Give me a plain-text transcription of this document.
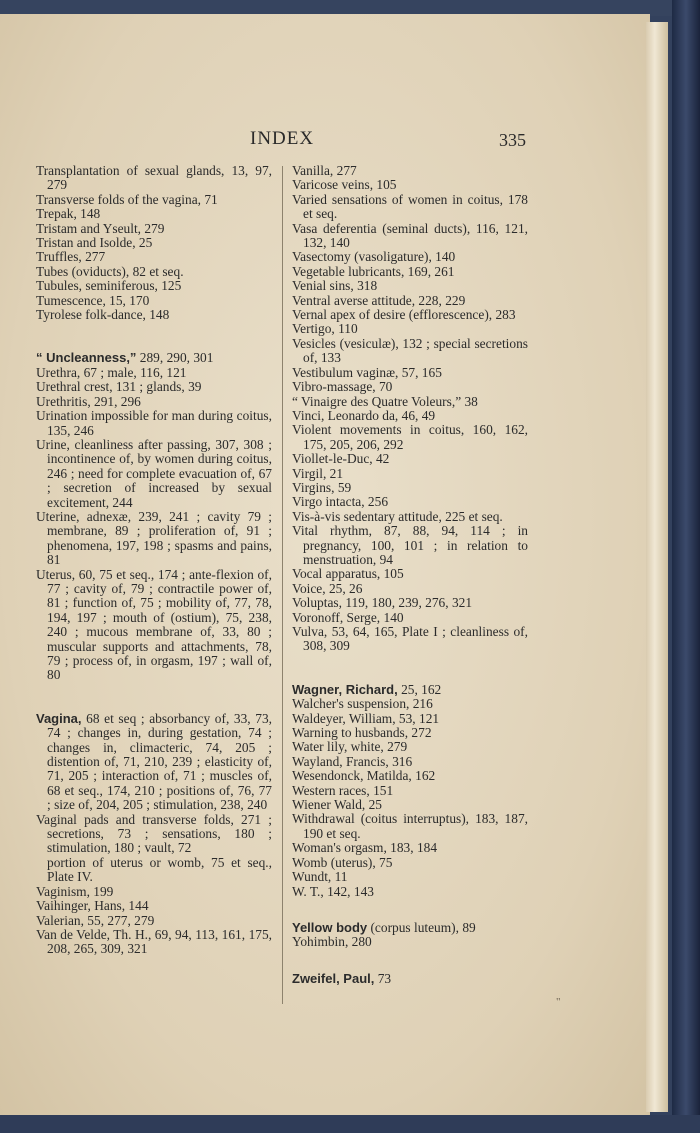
INDEX	335
Transplantation of sexual glands, 13, 97, 279
Transverse folds of the vagina, 71
Trepak, 148
Tristam and Yseult, 279
Tristan and Isolde, 25
Truffles, 277
Tubes (oviducts), 82 et seq.
Tubules, seminiferous, 125
Tumescence, 15, 170
Tyrolese folk-dance, 148
“ Uncleanness,” 289, 290, 301
Urethra, 67 ; male, 116, 121
Urethral crest, 131 ; glands, 39
Urethritis, 291, 296
Urination impossible for man during coitus, 135, 246
Urine, cleanliness after passing, 307, 308 ; incontinence of, by women during coitus, 246 ; need for complete evacuation of, 67 ; secretion of increased by sexual excitement, 244
Uterine, adnexæ, 239, 241 ; cavity 79 ; membrane, 89 ; proliferation of, 91 ; phenomena, 197, 198 ; spasms and pains, 81
Uterus, 60, 75 et seq., 174 ; ante-flexion of, 77 ; cavity of, 79 ; contractile power of, 81 ; function of, 75 ; mobility of, 77, 78, 194, 197 ; mouth of (ostium), 75, 238, 240 ; mucous membrane of, 33, 80 ; muscular supports and attachments, 78, 79 ; process of, in orgasm, 197 ; wall of, 80
Vagina, 68 et seq ; absorbancy of, 33, 73, 74 ; changes in, during gestation, 74 ; changes in, climacteric, 74, 205 ; distention of, 71, 210, 239 ; elasticity of, 71, 205 ; interaction of, 71 ; muscles of, 68 et seq., 174, 210 ; positions of, 76, 77 ; size of, 204, 205 ; stimulation, 238, 240
Vaginal pads and transverse folds, 271 ; secretions, 73 ; sensations, 180 ; stimulation, 180 ; vault, 72
portion of uterus or womb, 75 et seq., Plate IV.
Vaginism, 199
Vaihinger, Hans, 144
Valerian, 55, 277, 279
Van de Velde, Th. H., 69, 94, 113, 161, 175, 208, 265, 309, 321
Vanilla, 277
Varicose veins, 105
Varied sensations of women in coitus, 178 et seq.
Vasa deferentia (seminal ducts), 116, 121, 132, 140
Vasectomy (vasoligature), 140
Vegetable lubricants, 169, 261
Venial sins, 318
Ventral averse attitude, 228, 229
Vernal apex of desire (efflorescence), 283
Vertigo, 110
Vesicles (vesiculæ), 132 ; special secretions of, 133
Vestibulum vaginæ, 57, 165
Vibro-massage, 70
“ Vinaigre des Quatre Voleurs,” 38
Vinci, Leonardo da, 46, 49
Violent movements in coitus, 160, 162, 175, 205, 206, 292
Viollet-le-Duc, 42
Virgil, 21
Virgins, 59
Virgo intacta, 256
Vis-à-vis sedentary attitude, 225 et seq.
Vital rhythm, 87, 88, 94, 114 ; in pregnancy, 100, 101 ; in relation to menstruation, 94
Vocal apparatus, 105
Voice, 25, 26
Voluptas, 119, 180, 239, 276, 321
Voronoff, Serge, 140
Vulva, 53, 64, 165, Plate I ; cleanliness of, 308, 309
Wagner, Richard, 25, 162
Walcher's suspension, 216
Waldeyer, William, 53, 121
Warning to husbands, 272
Water lily, white, 279
Wayland, Francis, 316
Wesendonck, Matilda, 162
Western races, 151
Wiener Wald, 25
Withdrawal (coitus interruptus), 183, 187, 190 et seq.
Woman's orgasm, 183, 184
Womb (uterus), 75
Wundt, 11
W. T., 142, 143
Yellow body (corpus luteum), 89
Yohimbin, 280
Zweifel, Paul, 73
"
